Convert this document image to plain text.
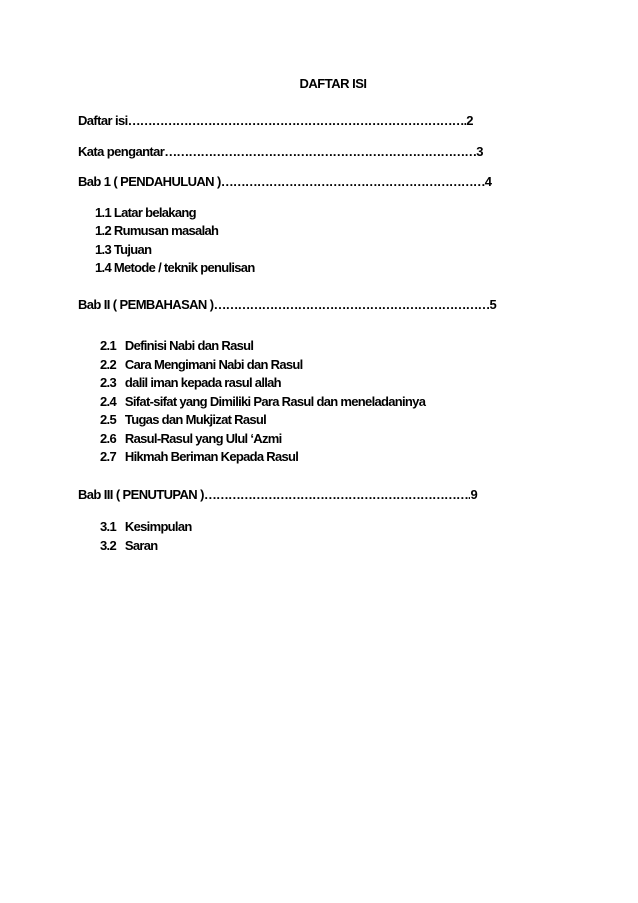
DAFTAR ISI
Daftar isi …………………………………………………………………………. 2
Kata pengantar …………………………………………………………………… 3
Bab 1 ( PENDAHULUAN ) ………………………………………………………… 4
1.1 Latar belakang
1.2 Rumusan masalah
1.3 Tujuan
1.4 Metode / teknik penulisan
Bab II ( PEMBAHASAN ) …………………………………………………………… 5
2.1 Definisi Nabi dan Rasul
2.2 Cara Mengimani Nabi dan Rasul
2.3 dalil iman kepada rasul allah
2.4 Sifat-sifat yang Dimiliki Para Rasul dan meneladaninya
2.5 Tugas dan Mukjizat Rasul
2.6 Rasul-Rasul yang Ulul ‘Azmi
2.7 Hikmah Beriman Kepada Rasul
Bab III ( PENUTUPAN ) …………………………………………………………. 9
3.1 Kesimpulan
3.2 Saran
